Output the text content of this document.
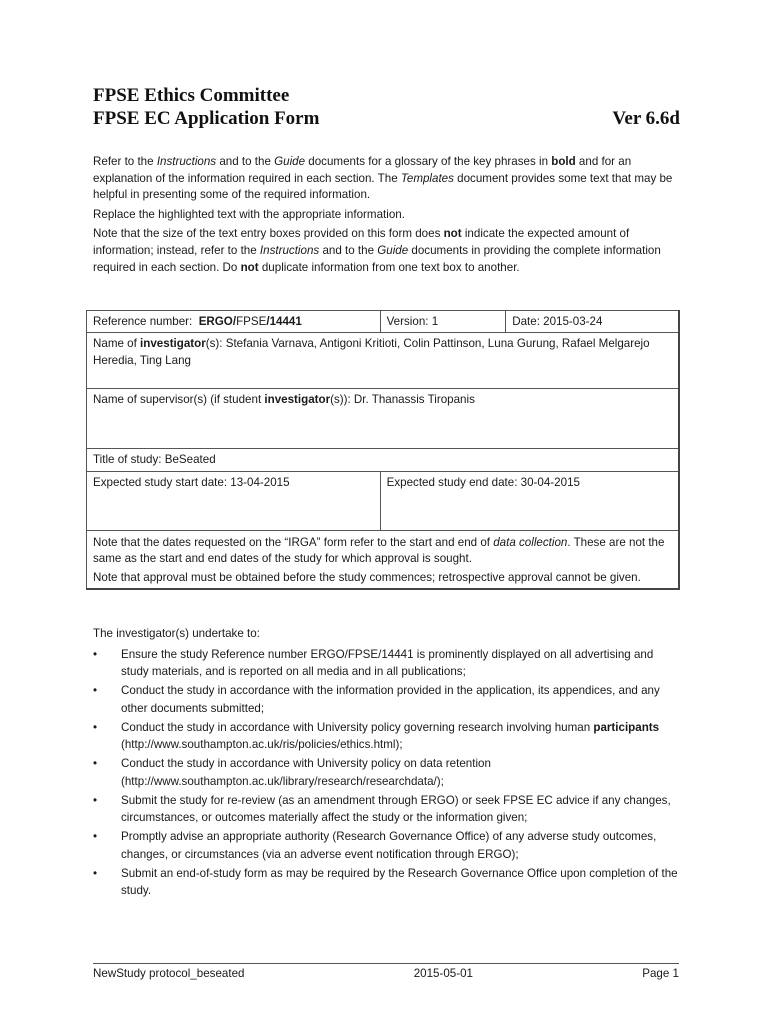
FPSE Ethics Committee
FPSE EC Application Form	Ver 6.6d

Refer to the Instructions and to the Guide documents for a glossary of the key phrases in bold and for an explanation of the information required in each section. The Templates document provides some text that may be helpful in presenting some of the required information.

Replace the highlighted text with the appropriate information.

Note that the size of the text entry boxes provided on this form does not indicate the expected amount of information; instead, refer to the Instructions and to the Guide documents in providing the complete information required in each section. Do not duplicate information from one text box to another.

Reference number:  ERGO/FPSE/14441	Version: 1	Date: 2015-03-24
Name of investigator(s): Stefania Varnava, Antigoni Kritioti, Colin Pattinson, Luna Gurung, Rafael Melgarejo Heredia, Ting Lang		
Name of supervisor(s) (if student investigator(s)): Dr. Thanassis Tiropanis		
Title of study: BeSeated		
Expected study start date: 13-04-2015	Expected study end date: 30-04-2015	

Note that the dates requested on the “IRGA” form refer to the start and end of data collection. These are not the same as the start and end dates of the study for which approval is sought.
Note that approval must be obtained before the study commences; retrospective approval cannot be given.		
The investigator(s) undertake to:
• Ensure the study Reference number ERGO/FPSE/14441 is prominently displayed on all advertising and study materials, and is reported on all media and in all publications;
• Conduct the study in accordance with the information provided in the application, its appendices, and any other documents submitted;
• Conduct the study in accordance with University policy governing research involving human participants (http://www.southampton.ac.uk/ris/policies/ethics.html);
• Conduct the study in accordance with University policy on data retention (http://www.southampton.ac.uk/library/research/researchdata/);
• Submit the study for re-review (as an amendment through ERGO) or seek FPSE EC advice if any changes, circumstances, or outcomes materially affect the study or the information given;
• Promptly advise an appropriate authority (Research Governance Office) of any adverse study outcomes, changes, or circumstances (via an adverse event notification through ERGO);
• Submit an end-of-study form as may be required by the Research Governance Office upon completion of the study.
NewStudy protocol_beseated	2015-05-01	Page 1
